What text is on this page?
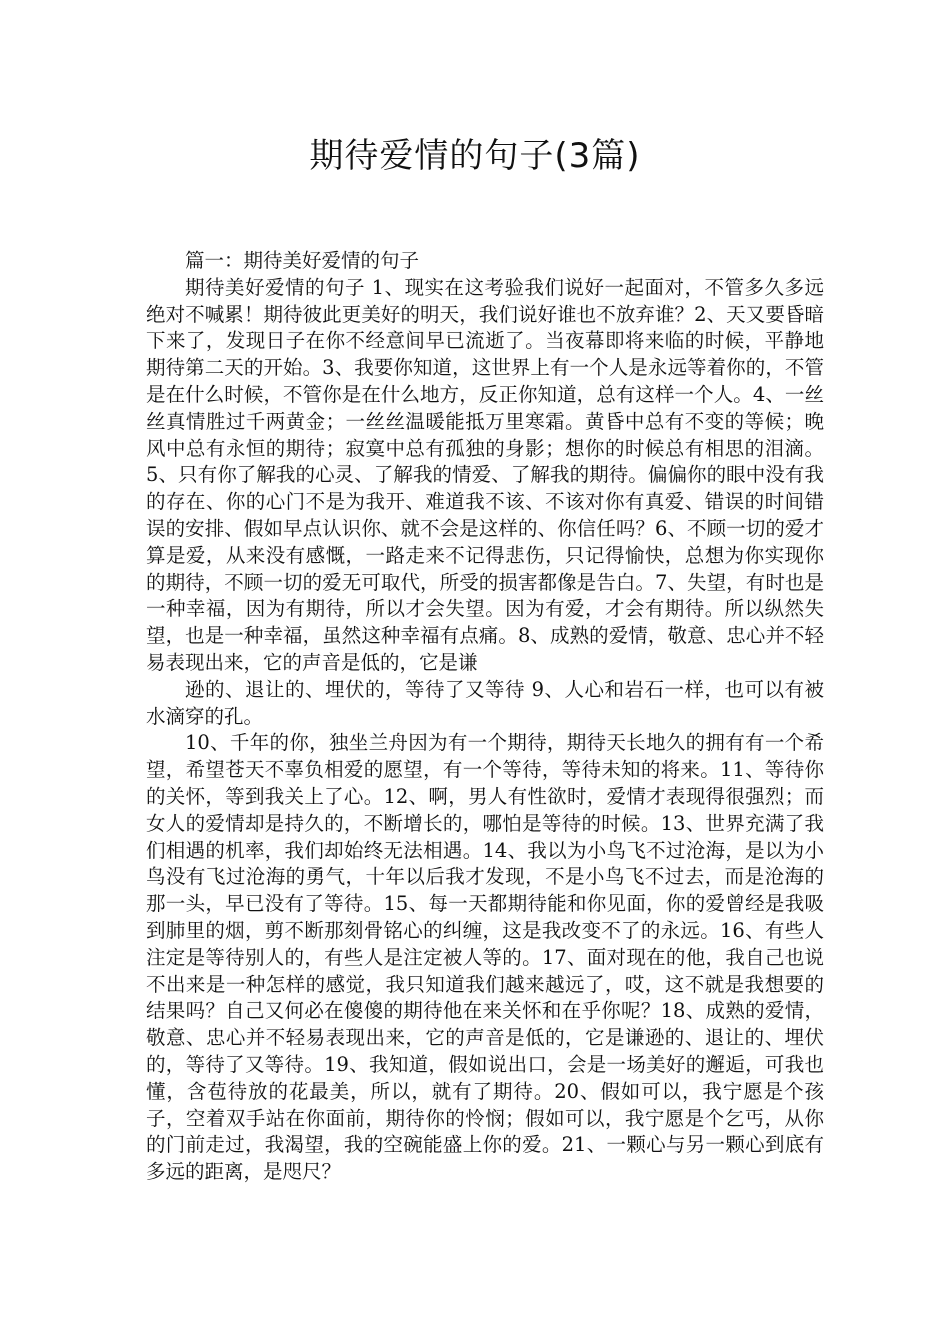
期待爱情的句子(3篇)

篇一：期待美好爱情的句子

期待美好爱情的句子 1、现实在这考验我们说好一起面对，不管多久多远绝对不喊累！期待彼此更美好的明天，我们说好谁也不放弃谁？2、天又要昏暗下来了，发现日子在你不经意间早已流逝了。当夜幕即将来临的时候，平静地期待第二天的开始。3、我要你知道，这世界上有一个人是永远等着你的，不管是在什么时候，不管你是在什么地方，反正你知道，总有这样一个人。4、一丝丝真情胜过千两黄金；一丝丝温暖能抵万里寒霜。黄昏中总有不变的等候；晚风中总有永恒的期待；寂寞中总有孤独的身影；想你的时候总有相思的泪滴。5、只有你了解我的心灵、了解我的情爱、了解我的期待。偏偏你的眼中没有我的存在、你的心门不是为我开、难道我不该、不该对你有真爱、错误的时间错误的安排、假如早点认识你、就不会是这样的、你信任吗？6、不顾一切的爱才算是爱，从来没有感慨，一路走来不记得悲伤，只记得愉快，总想为你实现你的期待，不顾一切的爱无可取代，所受的损害都像是告白。7、失望，有时也是一种幸福，因为有期待，所以才会失望。因为有爱，才会有期待。所以纵然失望，也是一种幸福，虽然这种幸福有点痛。8、成熟的爱情，敬意、忠心并不轻易表现出来，它的声音是低的，它是谦

逊的、退让的、埋伏的，等待了又等待 9、人心和岩石一样，也可以有被水滴穿的孔。

10、千年的你，独坐兰舟因为有一个期待，期待天长地久的拥有有一个希望，希望苍天不辜负相爱的愿望，有一个等待，等待未知的将来。11、等待你的关怀，等到我关上了心。12、啊，男人有性欲时，爱情才表现得很强烈；而女人的爱情却是持久的，不断增长的，哪怕是等待的时候。13、世界充满了我们相遇的机率，我们却始终无法相遇。14、我以为小鸟飞不过沧海，是以为小鸟没有飞过沧海的勇气，十年以后我才发现，不是小鸟飞不过去，而是沧海的那一头，早已没有了等待。15、每一天都期待能和你见面，你的爱曾经是我吸到肺里的烟，剪不断那刻骨铭心的纠缠，这是我改变不了的永远。16、有些人注定是等待别人的，有些人是注定被人等的。17、面对现在的他，我自己也说不出来是一种怎样的感觉，我只知道我们越来越远了，哎，这不就是我想要的结果吗？自己又何必在傻傻的期待他在来关怀和在乎你呢？18、成熟的爱情，敬意、忠心并不轻易表现出来，它的声音是低的，它是谦逊的、退让的、埋伏的，等待了又等待。19、我知道，假如说出口，会是一场美好的邂逅，可我也懂，含苞待放的花最美，所以，就有了期待。20、假如可以，我宁愿是个孩子，空着双手站在你面前，期待你的怜悯；假如可以，我宁愿是个乞丐，从你的门前走过，我渴望，我的空碗能盛上你的爱。21、一颗心与另一颗心到底有多远的距离，是咫尺？
